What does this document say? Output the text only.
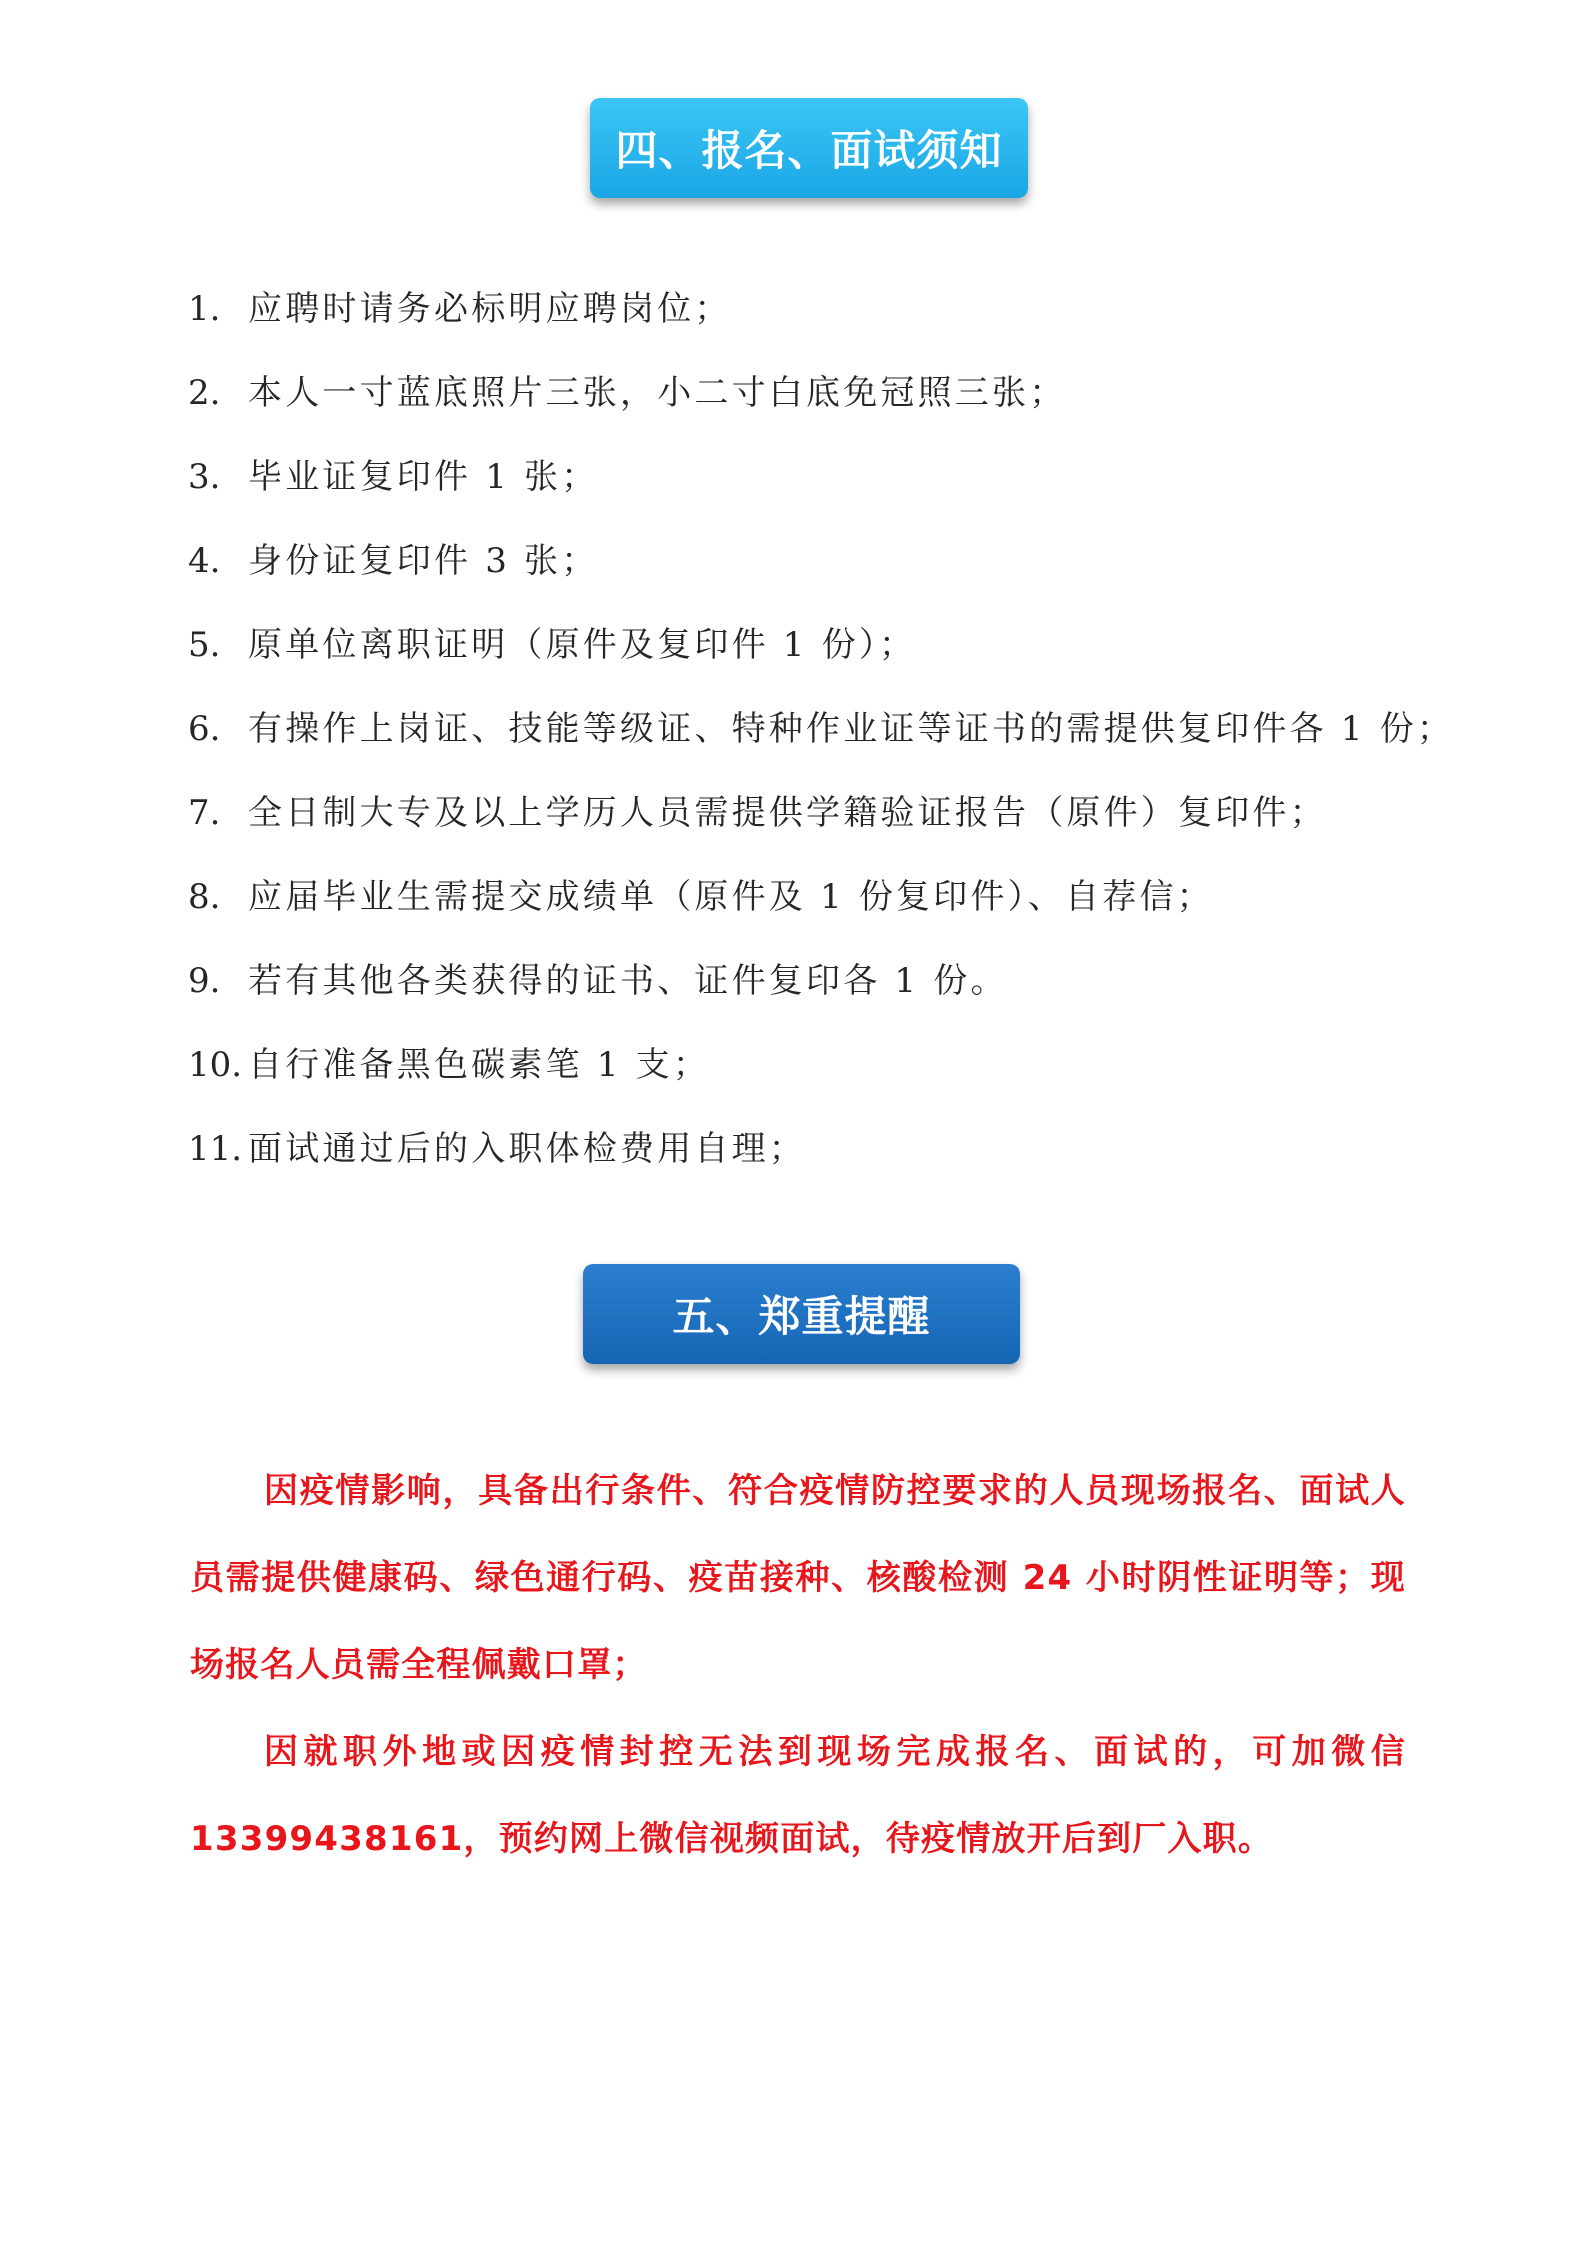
四、报名、面试须知
1. 应聘时请务必标明应聘岗位；
2. 本人一寸蓝底照片三张，小二寸白底免冠照三张；
3. 毕业证复印件 1 张；
4. 身份证复印件 3 张；
5. 原单位离职证明（原件及复印件 1 份）；
6. 有操作上岗证、技能等级证、特种作业证等证书的需提供复印件各 1 份；
7. 全日制大专及以上学历人员需提供学籍验证报告（原件）复印件；
8. 应届毕业生需提交成绩单（原件及 1 份复印件）、自荐信；
9. 若有其他各类获得的证书、证件复印各 1 份。
10. 自行准备黑色碳素笔 1 支；
11. 面试通过后的入职体检费用自理；
五、郑重提醒

因疫情影响，具备出行条件、符合疫情防控要求的人员现场报名、面试人员需提供健康码、绿色通行码、疫苗接种、核酸检测 24 小时阴性证明等；现场报名人员需全程佩戴口罩；

因就职外地或因疫情封控无法到现场完成报名、面试的，可加微信 13399438161，预约网上微信视频面试，待疫情放开后到厂入职。
